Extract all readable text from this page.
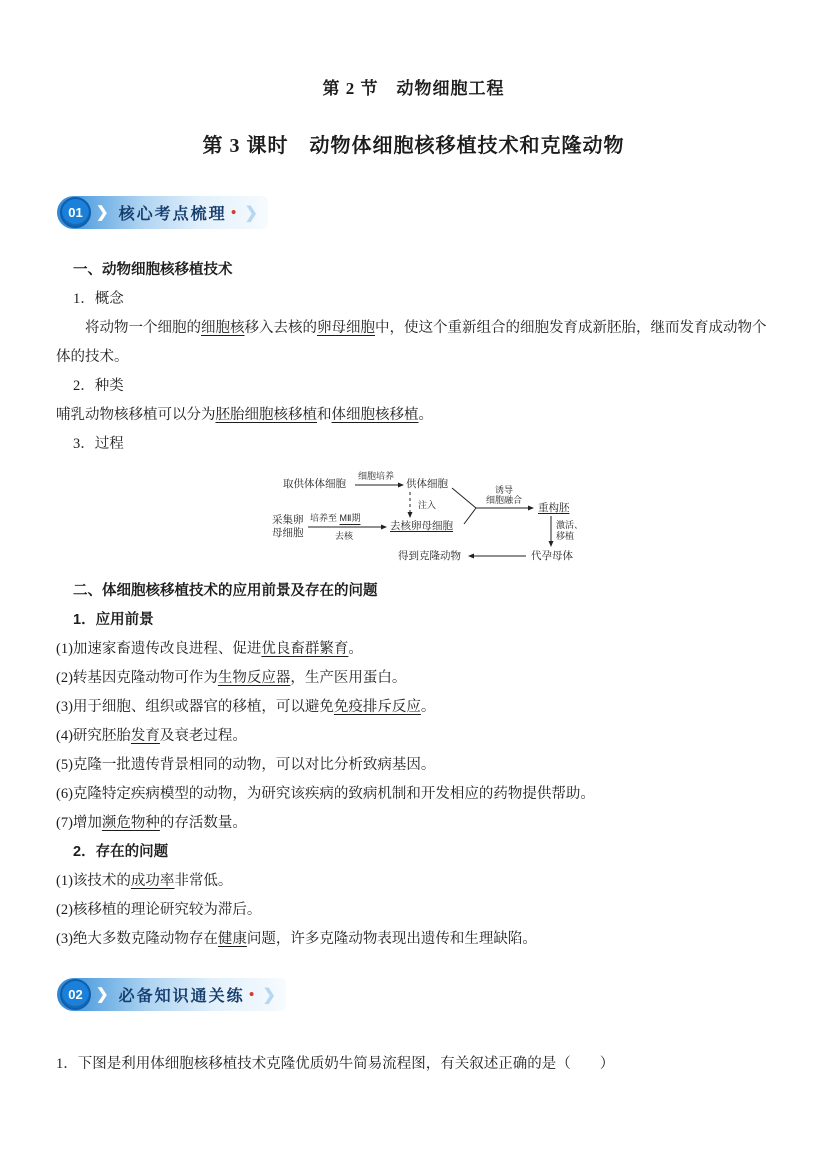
第 2 节　动物细胞工程
第 3 课时　动物体细胞核移植技术和克隆动物
01 ❯ 核心考点梳理 • ❯
一、动物细胞核移植技术
1．概念
将动物一个细胞的细胞核移入去核的卵母细胞中，使这个重新组合的细胞发育成新胚胎，继而发育成动物个体的技术。
2．种类
哺乳动物核移植可以分为胚胎细胞核移植和体细胞核移植。
3．过程
取供体体细胞
细胞培养
供体细胞
注入
采集卵
母细胞
培养至 MⅡ期
去核
去核卵母细胞
诱导
细胞融合
重构胚
激活、
移植
代孕母体
得到克隆动物
二、体细胞核移植技术的应用前景及存在的问题
1．应用前景
(1)加速家畜遗传改良进程、促进优良畜群繁育。
(2)转基因克隆动物可作为生物反应器，生产医用蛋白。
(3)用于细胞、组织或器官的移植，可以避免免疫排斥反应。
(4)研究胚胎发育及衰老过程。
(5)克隆一批遗传背景相同的动物，可以对比分析致病基因。
(6)克隆特定疾病模型的动物，为研究该疾病的致病机制和开发相应的药物提供帮助。
(7)增加濒危物种的存活数量。
2．存在的问题
(1)该技术的成功率非常低。
(2)核移植的理论研究较为滞后。
(3)绝大多数克隆动物存在健康问题，许多克隆动物表现出遗传和生理缺陷。
02 ❯ 必备知识通关练 • ❯
1．下图是利用体细胞核移植技术克隆优质奶牛简易流程图，有关叙述正确的是（　　）
